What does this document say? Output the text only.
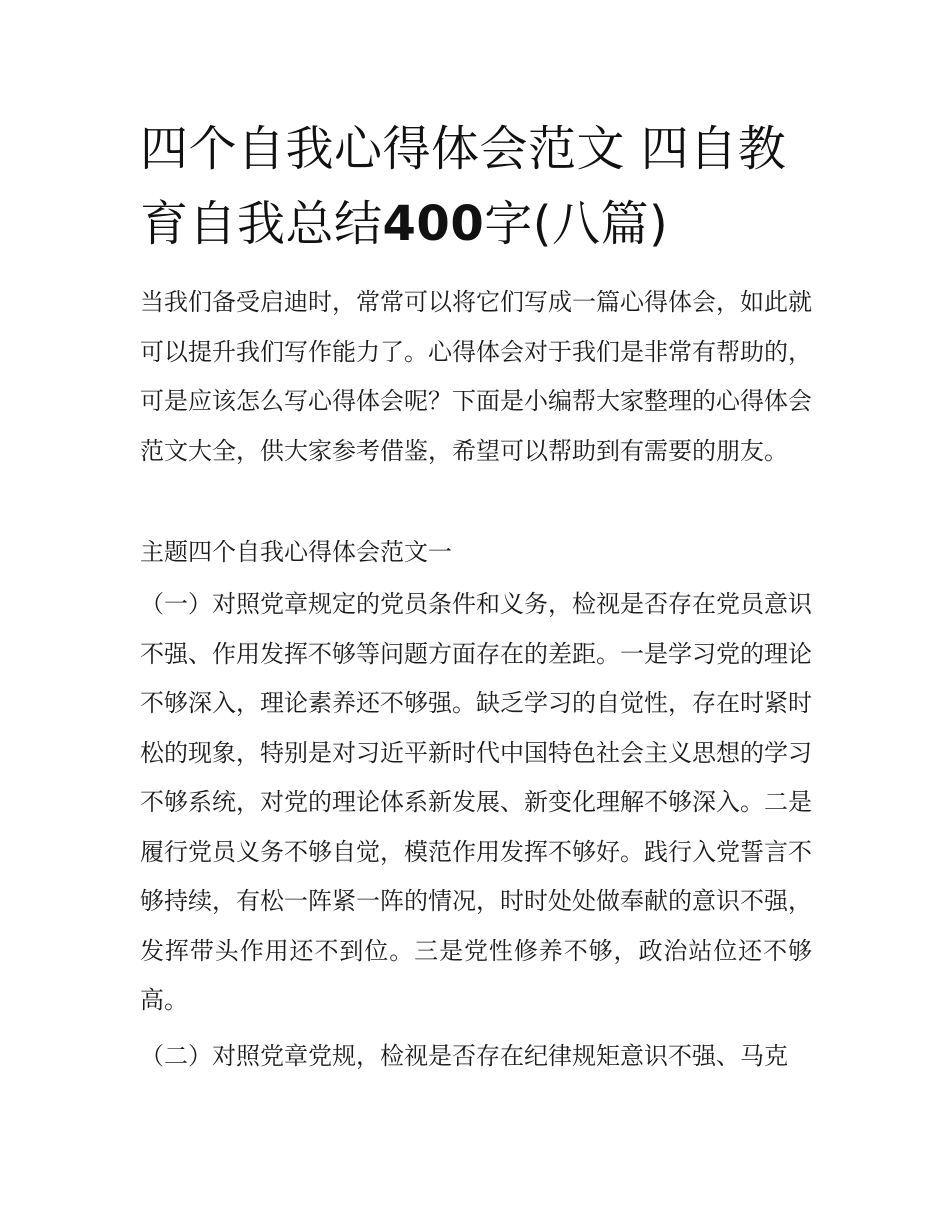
四个自我心得体会范文 四自教育自我总结400字(八篇)

当我们备受启迪时，常常可以将它们写成一篇心得体会，如此就可以提升我们写作能力了。心得体会对于我们是非常有帮助的，可是应该怎么写心得体会呢？下面是小编帮大家整理的心得体会范文大全，供大家参考借鉴，希望可以帮助到有需要的朋友。

主题四个自我心得体会范文一

（一）对照党章规定的党员条件和义务，检视是否存在党员意识不强、作用发挥不够等问题方面存在的差距。一是学习党的理论不够深入，理论素养还不够强。缺乏学习的自觉性，存在时紧时松的现象，特别是对习近平新时代中国特色社会主义思想的学习不够系统，对党的理论体系新发展、新变化理解不够深入。二是履行党员义务不够自觉，模范作用发挥不够好。践行入党誓言不够持续，有松一阵紧一阵的情况，时时处处做奉献的意识不强，发挥带头作用还不到位。三是党性修养不够，政治站位还不够高。

（二）对照党章党规，检视是否存在纪律规矩意识不强、马克
